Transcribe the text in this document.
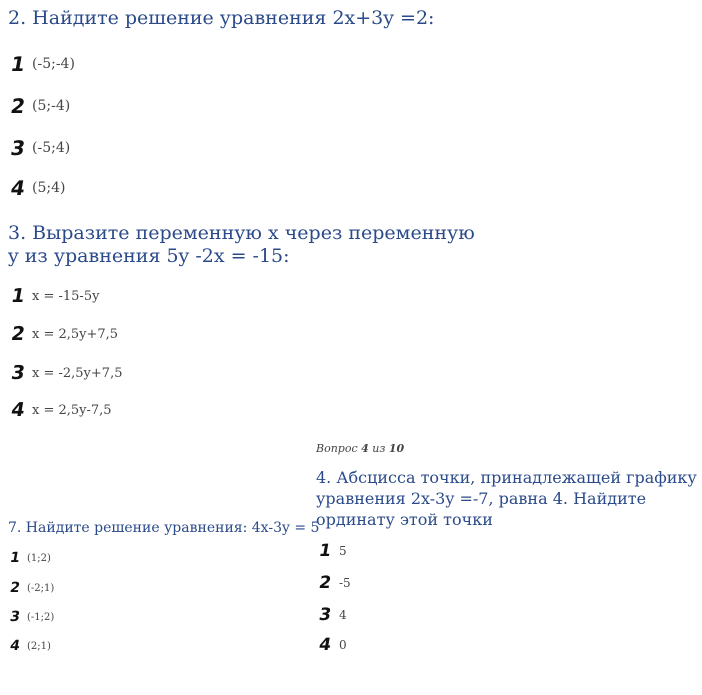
2. Найдите решение уравнения 2x+3y =2:
1 (-5;-4)
2 (5;-4)
3 (-5;4)
4 (5;4)
3. Выразите переменную x через переменную
y из уравнения 5y -2x = -15:
1 x = -15-5y
2 x = 2,5y+7,5
3 x = -2,5y+7,5
4 x = 2,5y-7,5
Вопрос 4 из 10
4. Абсцисса точки, принадлежащей графику
уравнения 2x-3y =-7, равна 4. Найдите
ординату этой точки
1 5
2 -5
3 4
4 0
7. Найдите решение уравнения: 4x-3y = 5
1 (1;2)
2 (-2;1)
3 (-1;2)
4 (2;1)
